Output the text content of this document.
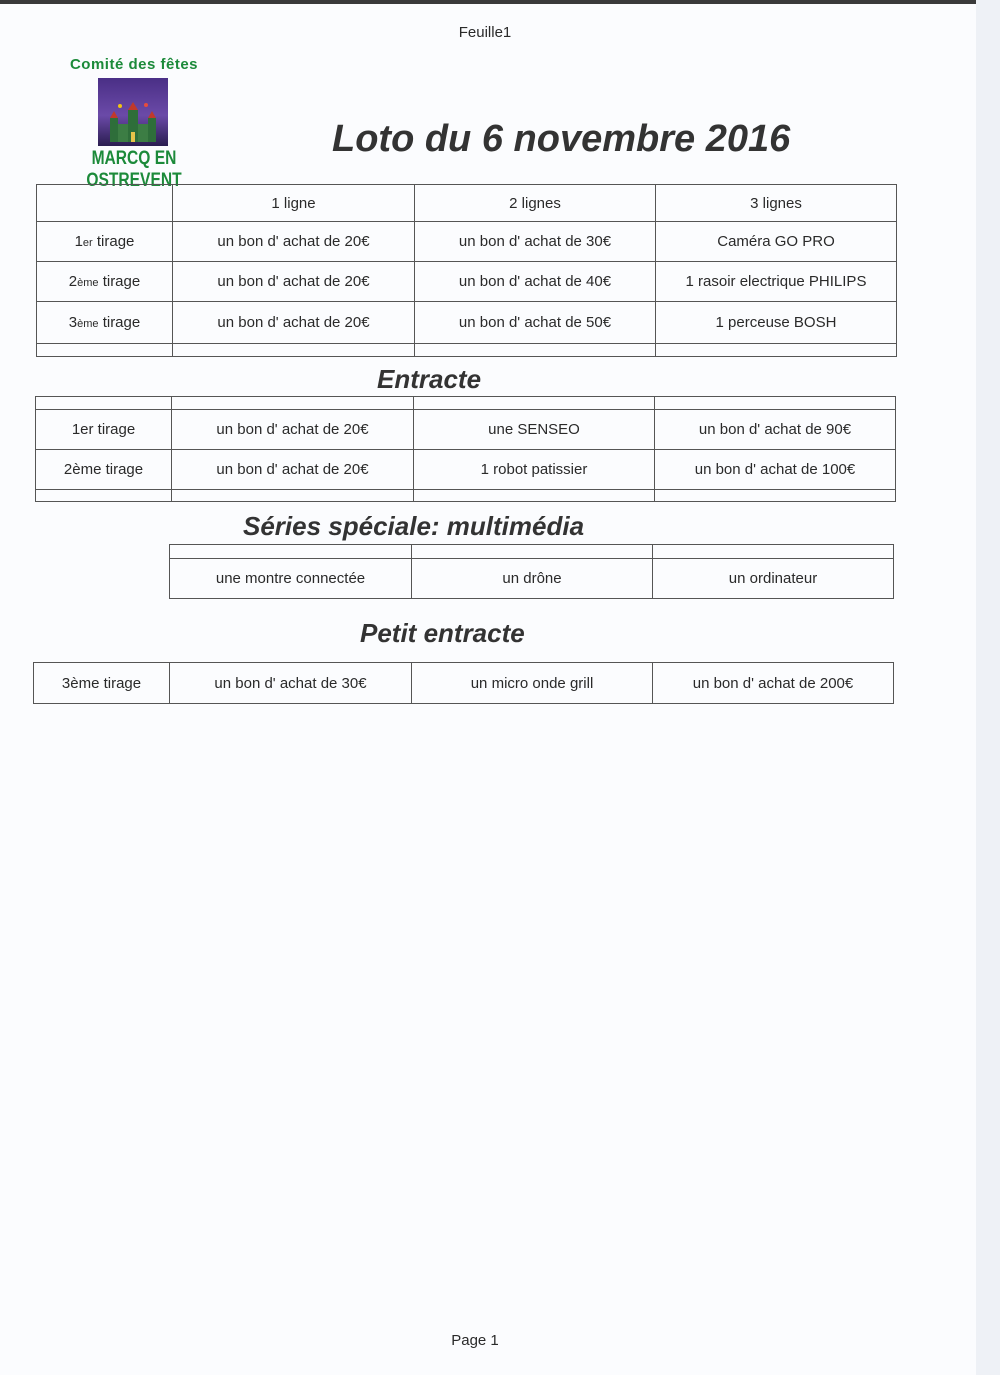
Feuille1
Comité des fêtes
MARCQ EN OSTREVENT
Loto du 6 novembre 2016
	1 ligne	2 lignes	3 lignes
1er tirage	un bon d' achat de 20€	un bon d' achat de 30€	Caméra GO PRO
2ème tirage	un bon d' achat de 20€	un bon d' achat de 40€	1 rasoir electrique PHILIPS
3ème tirage	un bon d' achat de 20€	un bon d' achat de 50€	1 perceuse BOSH

Entracte

1er tirage	un bon d' achat de 20€	une SENSEO	un bon d' achat de 90€
2ème tirage	un bon d' achat de 20€	1 robot patissier	un bon d' achat de 100€

Séries spéciale: multimédia

une montre connectée	un drône	un ordinateur
Petit entracte
3ème tirage	un bon d' achat de 30€	un micro onde grill	un bon d' achat de 200€
Page 1
